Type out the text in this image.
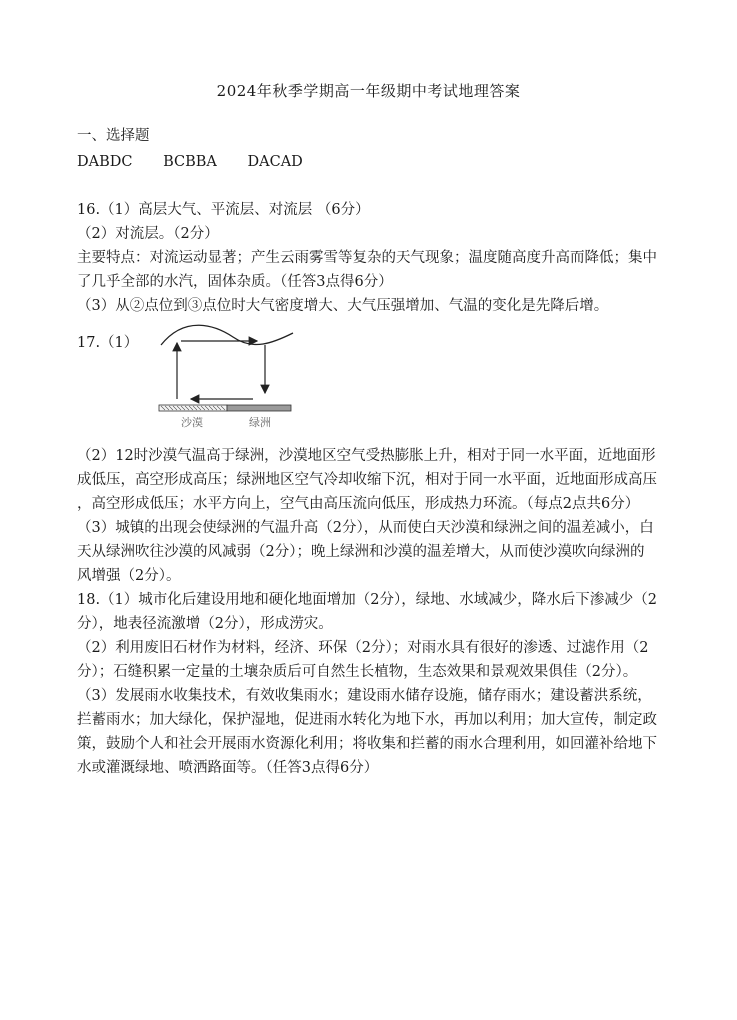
2024年秋季学期高一年级期中考试地理答案
一、选择题
DABDC BCBBA DACAD
16.（1）高层大气、平流层、对流层 （6分）
（2）对流层。（2分）
主要特点：对流运动显著；产生云雨雾雪等复杂的天气现象；温度随高度升高而降低；集中
了几乎全部的水汽，固体杂质。（任答3点得6分）
（3）从②点位到③点位时大气密度增大、大气压强增加、气温的变化是先降后增。
17.（1）
沙漠	绿洲
（2）12时沙漠气温高于绿洲，沙漠地区空气受热膨胀上升，相对于同一水平面，近地面形
成低压，高空形成高压；绿洲地区空气冷却收缩下沉，相对于同一水平面，近地面形成高压
，高空形成低压；水平方向上，空气由高压流向低压，形成热力环流。（每点2点共6分）
（3）城镇的出现会使绿洲的气温升高（2分），从而使白天沙漠和绿洲之间的温差减小，白
天从绿洲吹往沙漠的风减弱（2分）；晚上绿洲和沙漠的温差增大，从而使沙漠吹向绿洲的
风增强（2分）。
18.（1）城市化后建设用地和硬化地面增加（2分），绿地、水域减少，降水后下渗减少（2
分），地表径流激增（2分），形成涝灾。
（2）利用废旧石材作为材料，经济、环保（2分）；对雨水具有很好的渗透、过滤作用（2
分）；石缝积累一定量的土壤杂质后可自然生长植物，生态效果和景观效果俱佳（2分）。
（3）发展雨水收集技术，有效收集雨水；建设雨水储存设施，储存雨水；建设蓄洪系统，
拦蓄雨水；加大绿化，保护湿地，促进雨水转化为地下水，再加以利用；加大宣传，制定政
策，鼓励个人和社会开展雨水资源化利用；将收集和拦蓄的雨水合理利用，如回灌补给地下
水或灌溉绿地、喷洒路面等。（任答3点得6分）
